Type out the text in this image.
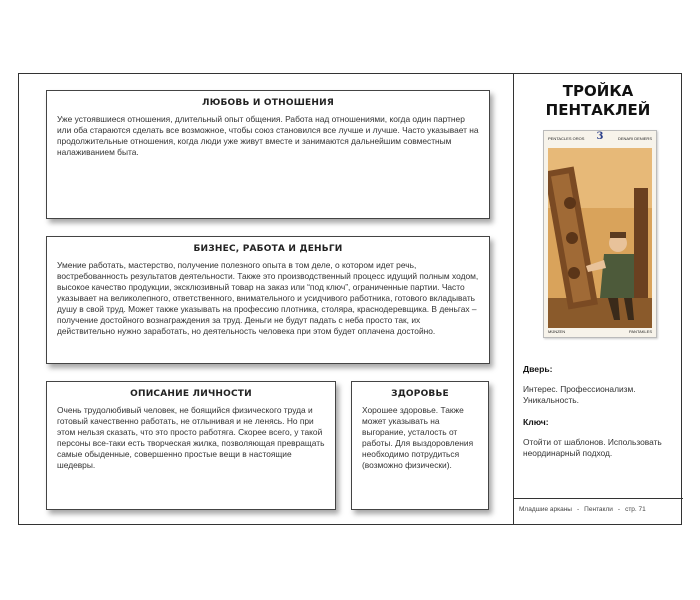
ЛЮБОВЬ И ОТНОШЕНИЯ

Уже устоявшиеся отношения, длительный опыт общения. Работа над отношениями, когда один партнер или оба стараются сделать все возможное, чтобы союз становился все лучше и лучше. Часто указывает на продолжительные отношения, когда люди уже живут вместе и занимаются дальнейшим совместным налаживанием быта.

БИЗНЕС, РАБОТА И ДЕНЬГИ

Умение работать, мастерство, получение полезного опыта в том деле, о котором идет речь, востребованность результатов деятельности. Также это производственный процесс идущий полным ходом, высокое качество продукции, эксклюзивный товар на заказ или “под ключ”, ограниченные партии. Часто указывает на великолепного, ответственного, внимательного и усидчивого работника, готового вкладывать душу в свой труд. Может также указывать на профессию плотника, столяра, краснодеревщика. В деньгах – получение достойного вознаграждения за труд. Деньги не будут падать с неба просто так, их действительно нужно заработать, но деятельность человека при этом будет оплачена достойно.

ОПИСАНИЕ ЛИЧНОСТИ

Очень трудолюбивый человек, не боящийся физического труда и готовый качественно работать, не отлынивая и не ленясь. Но при этом нельзя сказать, что это просто работяга. Скорее всего, у такой персоны все-таки есть творческая жилка, позволяющая превращать самые обыденные, совершенно простые вещи в настоящие шедевры.

ЗДОРОВЬЕ

Хорошее здоровье. Также может указывать на выгорание, усталость от работы. Для выздоровления необходимо потрудиться (возможно физически).

ТРОЙКА ПЕНТАКЛЕЙ
PENTACLES OROS	3	DENARI DENIERS
MÜNZEN	PANTAKLES
Дверь:
Интерес. Профессионализм. Уникальность.
Ключ:
Отойти от шаблонов. Использовать неординарный подход.
Младшие арканы - Пентакли - стр. 71
